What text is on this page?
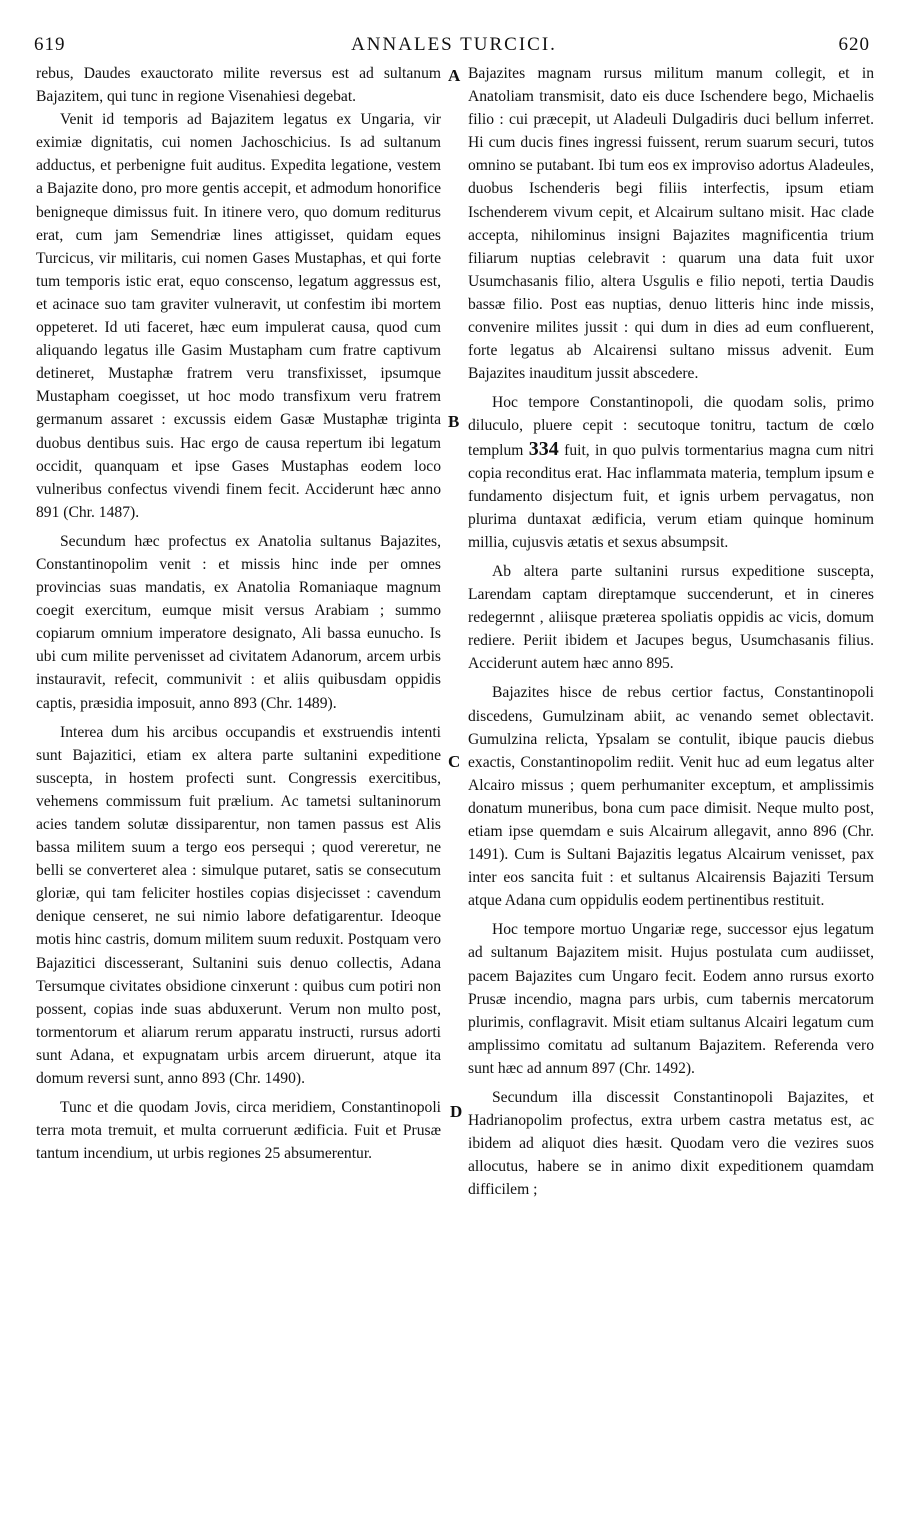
619	ANNALES TURCICI.	620
A
B
C
D

rebus, Daudes exauctorato milite reversus est ad sultanum Bajazitem, qui tunc in regione Visenahiesi degebat.

Venit id temporis ad Bajazitem legatus ex Ungaria, vir eximiæ dignitatis, cui nomen Jachoschicius. Is ad sultanum adductus, et perbenigne fuit auditus. Expedita legatione, vestem a Bajazite dono, pro more gentis accepit, et admodum honorifice benigneque dimissus fuit. In itinere vero, quo domum rediturus erat, cum jam Semendriæ lines attigisset, quidam eques Turcicus, vir militaris, cui nomen Gases Mustaphas, et qui forte tum temporis istic erat, equo conscenso, legatum aggressus est, et acinace suo tam graviter vulneravit, ut confestim ibi mortem oppeteret. Id uti faceret, hæc eum impulerat causa, quod cum aliquando legatus ille Gasim Mustapham cum fratre captivum detineret, Mustaphæ fratrem veru transfixisset, ipsumque Mustapham coegisset, ut hoc modo transfixum veru fratrem germanum assaret : excussis eidem Gasæ Mustaphæ triginta duobus dentibus suis. Hac ergo de causa repertum ibi legatum occidit, quanquam et ipse Gases Mustaphas eodem loco vulneribus confectus vivendi finem fecit. Acciderunt hæc anno 891 (Chr. 1487).

Secundum hæc profectus ex Anatolia sultanus Bajazites, Constantinopolim venit : et missis hinc inde per omnes provincias suas mandatis, ex Anatolia Romaniaque magnum coegit exercitum, eumque misit versus Arabiam ; summo copiarum omnium imperatore designato, Ali bassa eunucho. Is ubi cum milite pervenisset ad civitatem Adanorum, arcem urbis instauravit, refecit, communivit : et aliis quibusdam oppidis captis, præsidia imposuit, anno 893 (Chr. 1489).

Interea dum his arcibus occupandis et exstruendis intenti sunt Bajazitici, etiam ex altera parte sultanini expeditione suscepta, in hostem profecti sunt. Congressis exercitibus, vehemens commissum fuit prælium. Ac tametsi sultaninorum acies tandem solutæ dissiparentur, non tamen passus est Alis bassa militem suum a tergo eos persequi ; quod vereretur, ne belli se converteret alea : simulque putaret, satis se consecutum gloriæ, qui tam feliciter hostiles copias disjecisset : cavendum denique censeret, ne sui nimio labore defatigarentur. Ideoque motis hinc castris, domum militem suum reduxit. Postquam vero Bajazitici discesserant, Sultanini suis denuo collectis, Adana Tersumque civitates obsidione cinxerunt : quibus cum potiri non possent, copias inde suas abduxerunt. Verum non multo post, tormentorum et aliarum rerum apparatu instructi, rursus adorti sunt Adana, et expugnatam urbis arcem diruerunt, atque ita domum reversi sunt, anno 893 (Chr. 1490).

Tunc et die quodam Jovis, circa meridiem, Constantinopoli terra mota tremuit, et multa corruerunt ædificia. Fuit et Prusæ tantum incendium, ut urbis regiones 25 absumerentur.

Bajazites magnam rursus militum manum collegit, et in Anatoliam transmisit, dato eis duce Ischendere bego, Michaelis filio : cui præcepit, ut Aladeuli Dulgadiris duci bellum inferret. Hi cum ducis fines ingressi fuissent, rerum suarum securi, tutos omnino se putabant. Ibi tum eos ex improviso adortus Aladeules, duobus Ischenderis begi filiis interfectis, ipsum etiam Ischenderem vivum cepit, et Alcairum sultano misit. Hac clade accepta, nihilominus insigni Bajazites magnificentia trium filiarum nuptias celebravit : quarum una data fuit uxor Usumchasanis filio, altera Usgulis e filio nepoti, tertia Daudis bassæ filio. Post eas nuptias, denuo litteris hinc inde missis, convenire milites jussit : qui dum in dies ad eum confluerent, forte legatus ab Alcairensi sultano missus advenit. Eum Bajazites inauditum jussit abscedere.

Hoc tempore Constantinopoli, die quodam solis, primo diluculo, pluere cepit : secutoque tonitru, tactum de cœlo templum 334 fuit, in quo pulvis tormentarius magna cum nitri copia reconditus erat. Hac inflammata materia, templum ipsum e fundamento disjectum fuit, et ignis urbem pervagatus, non plurima duntaxat ædificia, verum etiam quinque hominum millia, cujusvis ætatis et sexus absumpsit.

Ab altera parte sultanini rursus expeditione suscepta, Larendam captam direptamque succenderunt, et in cineres redegernnt , aliisque præterea spoliatis oppidis ac vicis, domum rediere. Periit ibidem et Jacupes begus, Usumchasanis filius. Acciderunt autem hæc anno 895.

Bajazites hisce de rebus certior factus, Constantinopoli discedens, Gumulzinam abiit, ac venando semet oblectavit. Gumulzina relicta, Ypsalam se contulit, ibique paucis diebus exactis, Constantinopolim rediit. Venit huc ad eum legatus alter Alcairo missus ; quem perhumaniter exceptum, et amplissimis donatum muneribus, bona cum pace dimisit. Neque multo post, etiam ipse quemdam e suis Alcairum allegavit, anno 896 (Chr. 1491). Cum is Sultani Bajazitis legatus Alcairum venisset, pax inter eos sancita fuit : et sultanus Alcairensis Bajaziti Tersum atque Adana cum oppidulis eodem pertinentibus restituit.

Hoc tempore mortuo Ungariæ rege, successor ejus legatum ad sultanum Bajazitem misit. Hujus postulata cum audiisset, pacem Bajazites cum Ungaro fecit. Eodem anno rursus exorto Prusæ incendio, magna pars urbis, cum tabernis mercatorum plurimis, conflagravit. Misit etiam sultanus Alcairi legatum cum amplissimo comitatu ad sultanum Bajazitem. Referenda vero sunt hæc ad annum 897 (Chr. 1492).

Secundum illa discessit Constantinopoli Bajazites, et Hadrianopolim profectus, extra urbem castra metatus est, ac ibidem ad aliquot dies hæsit. Quodam vero die vezires suos allocutus, habere se in animo dixit expeditionem quamdam difficilem ;
